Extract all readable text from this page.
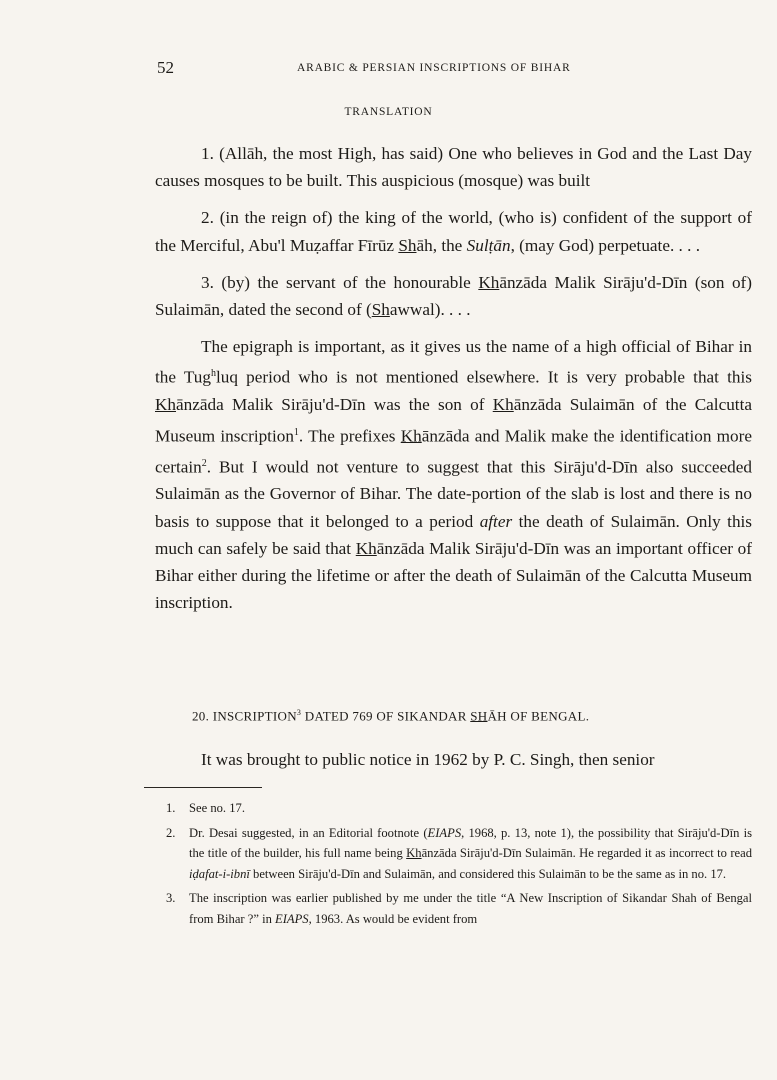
52	ARABIC & PERSIAN INSCRIPTIONS OF BIHAR
TRANSLATION

1. (Allāh, the most High, has said) One who believes in God and the Last Day causes mosques to be built. This auspicious (mosque) was built

2. (in the reign of) the king of the world, (who is) confident of the support of the Merciful, Abu'l Muẓaffar Fīrūz Shāh, the Sulṭān, (may God) perpetuate. . . .

3. (by) the servant of the honourable Khānzāda Malik Sirāju'd-Dīn (son of) Sulaimān, dated the second of (Shawwal). . . .

The epigraph is important, as it gives us the name of a high official of Bihar in the Tug$^h$luq period who is not mentioned elsewhere. It is very probable that this Khānzāda Malik Sirāju'd-Dīn was the son of Khānzāda Sulaimān of the Calcutta Museum inscription$^1$. The prefixes Khānzāda and Malik make the identification more certain$^2$. But I would not venture to suggest that this Sirāju'd-Dīn also succeeded Sulaimān as the Governor of Bihar. The date-portion of the slab is lost and there is no basis to suppose that it belonged to a period after the death of Sulaimān. Only this much can safely be said that Khānzāda Malik Sirāju'd-Dīn was an important officer of Bihar either during the lifetime or after the death of Sulaimān of the Calcutta Museum inscription.

20. INSCRIPTION$^3$ DATED 769 OF SIKANDAR SHĀH OF BENGAL.
It was brought to public notice in 1962 by P. C. Singh, then senior
1. See no. 17.
2. Dr. Desai suggested, in an Editorial footnote (EIAPS, 1968, p. 13, note 1), the possibility that Sirāju'd-Dīn is the title of the builder, his full name being Khānzāda Sirāju'd-Dīn Sulaimān. He regarded it as incorrect to read iḍafat-i-ibnī between Sirāju'd-Dīn and Sulaimān, and considered this Sulaimān to be the same as in no. 17.
3. The inscription was earlier published by me under the title “A New Inscription of Sikandar Shah of Bengal from Bihar ?” in EIAPS, 1963. As would be evident from
